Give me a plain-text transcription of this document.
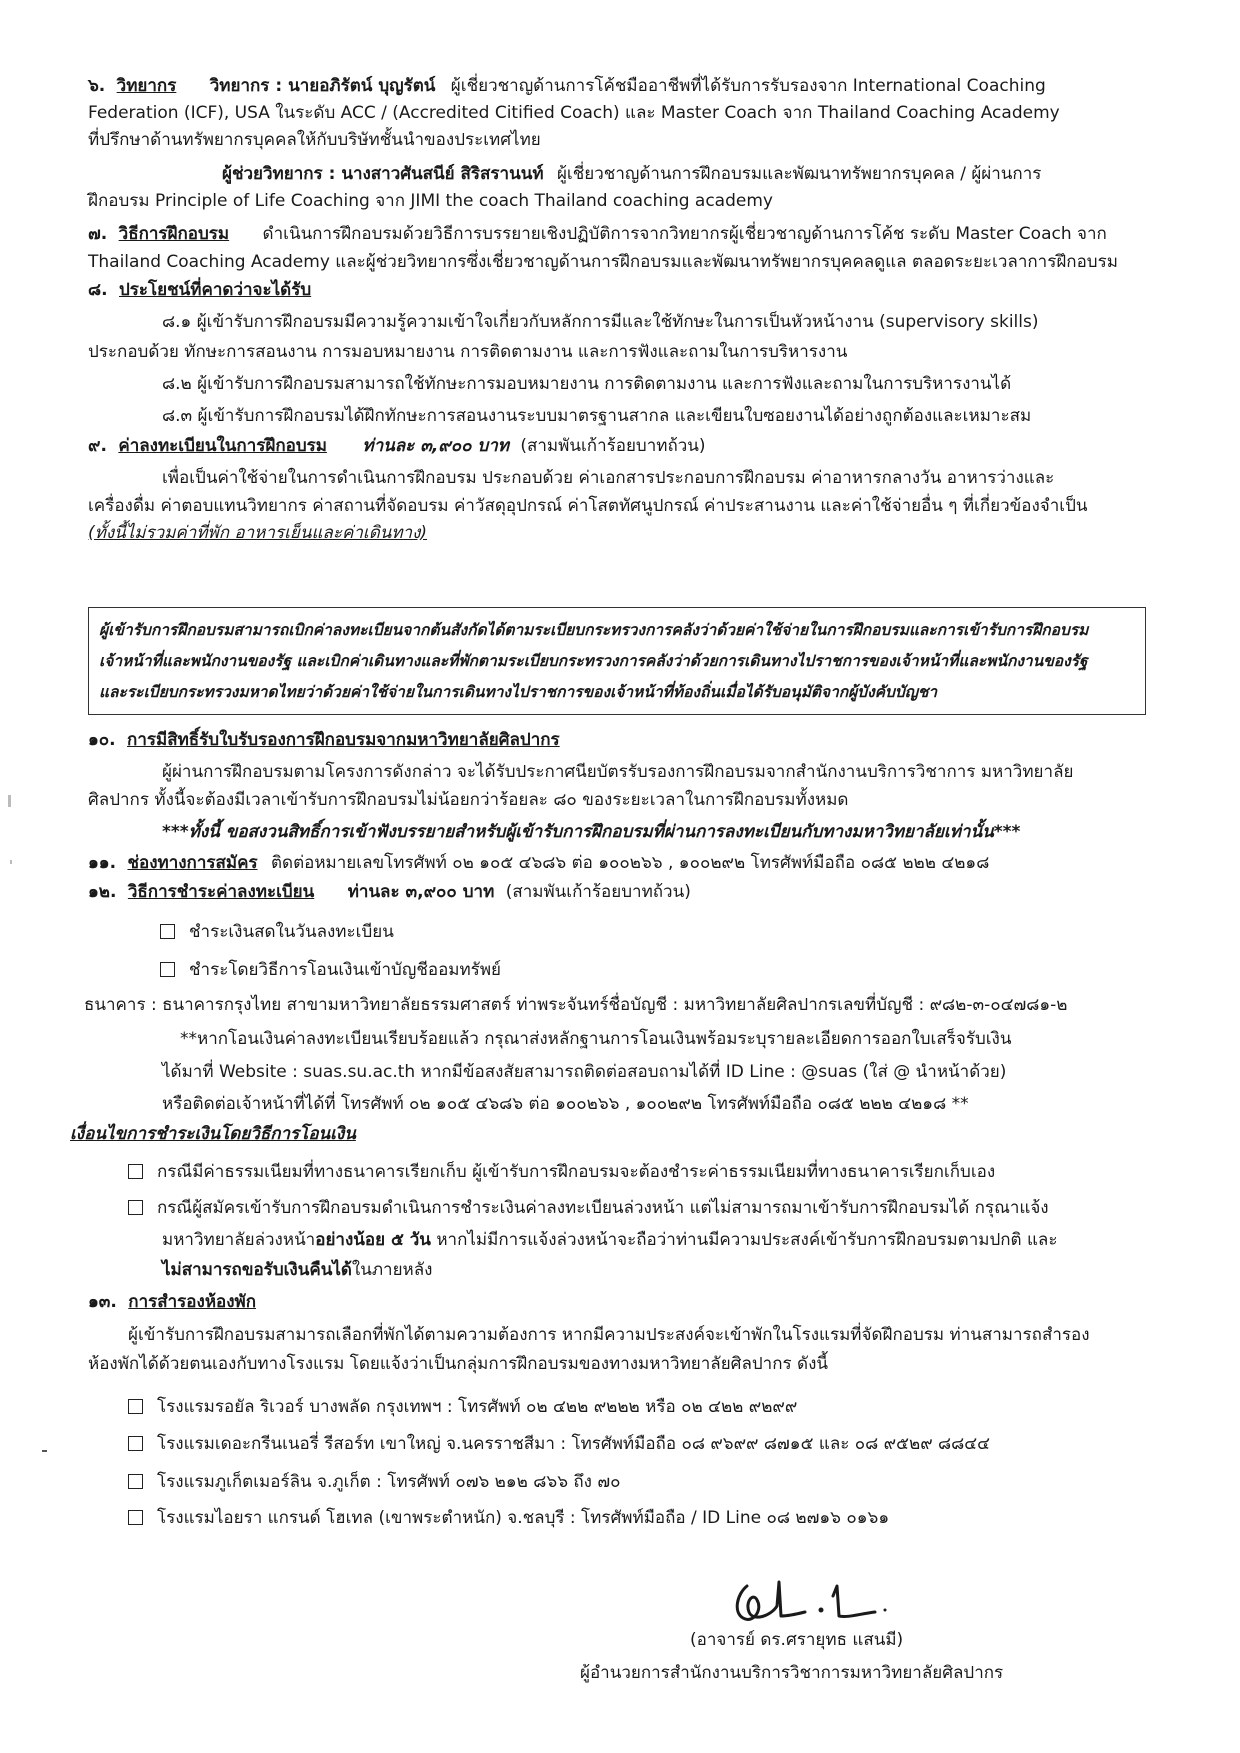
๖. วิทยากร วิทยากร : นายอภิรัตน์ บุญรัตน์ ผู้เชี่ยวชาญด้านการโค้ชมืออาชีพที่ได้รับการรับรองจาก International Coaching
Federation (ICF), USA ในระดับ ACC / (Accredited Citified Coach) และ Master Coach จาก Thailand Coaching Academy
ที่ปรึกษาด้านทรัพยากรบุคคลให้กับบริษัทชั้นนำของประเทศไทย
ผู้ช่วยวิทยากร : นางสาวศันสนีย์ สิริสรานนท์ ผู้เชี่ยวชาญด้านการฝึกอบรมและพัฒนาทรัพยากรบุคคล / ผู้ผ่านการ
ฝึกอบรม Principle of Life Coaching จาก JIMI the coach Thailand coaching academy
๗. วิธีการฝึกอบรม ดำเนินการฝึกอบรมด้วยวิธีการบรรยายเชิงปฏิบัติการจากวิทยากรผู้เชี่ยวชาญด้านการโค้ช ระดับ Master Coach จาก
Thailand Coaching Academy และผู้ช่วยวิทยากรซึ่งเชี่ยวชาญด้านการฝึกอบรมและพัฒนาทรัพยากรบุคคลดูแล ตลอดระยะเวลาการฝึกอบรม
๘. ประโยชน์ที่คาดว่าจะได้รับ
๘.๑ ผู้เข้ารับการฝึกอบรมมีความรู้ความเข้าใจเกี่ยวกับหลักการมีและใช้ทักษะในการเป็นหัวหน้างาน (supervisory skills)
ประกอบด้วย ทักษะการสอนงาน การมอบหมายงาน การติดตามงาน และการฟังและถามในการบริหารงาน
๘.๒ ผู้เข้ารับการฝึกอบรมสามารถใช้ทักษะการมอบหมายงาน การติดตามงาน และการฟังและถามในการบริหารงานได้
๘.๓ ผู้เข้ารับการฝึกอบรมได้ฝึกทักษะการสอนงานระบบมาตรฐานสากล และเขียนใบซอยงานได้อย่างถูกต้องและเหมาะสม
๙. ค่าลงทะเบียนในการฝึกอบรม ท่านละ ๓,๙๐๐ บาท (สามพันเก้าร้อยบาทถ้วน)
เพื่อเป็นค่าใช้จ่ายในการดำเนินการฝึกอบรม ประกอบด้วย ค่าเอกสารประกอบการฝึกอบรม ค่าอาหารกลางวัน อาหารว่างและ
เครื่องดื่ม ค่าตอบแทนวิทยากร ค่าสถานที่จัดอบรม ค่าวัสดุอุปกรณ์ ค่าโสตทัศนูปกรณ์ ค่าประสานงาน และค่าใช้จ่ายอื่น ๆ ที่เกี่ยวข้องจำเป็น
(ทั้งนี้ไม่รวมค่าที่พัก อาหารเย็นและค่าเดินทาง)
ผู้เข้ารับการฝึกอบรมสามารถเบิกค่าลงทะเบียนจากต้นสังกัดได้ตามระเบียบกระทรวงการคลังว่าด้วยค่าใช้จ่ายในการฝึกอบรมและการเข้ารับการฝึกอบรม
เจ้าหน้าที่และพนักงานของรัฐ และเบิกค่าเดินทางและที่พักตามระเบียบกระทรวงการคลังว่าด้วยการเดินทางไปราชการของเจ้าหน้าที่และพนักงานของรัฐ
และระเบียบกระทรวงมหาดไทยว่าด้วยค่าใช้จ่ายในการเดินทางไปราชการของเจ้าหน้าที่ท้องถิ่นเมื่อได้รับอนุมัติจากผู้บังคับบัญชา
๑๐. การมีสิทธิ์รับใบรับรองการฝึกอบรมจากมหาวิทยาลัยศิลปากร
ผู้ผ่านการฝึกอบรมตามโครงการดังกล่าว จะได้รับประกาศนียบัตรรับรองการฝึกอบรมจากสำนักงานบริการวิชาการ มหาวิทยาลัย
ศิลปากร ทั้งนี้จะต้องมีเวลาเข้ารับการฝึกอบรมไม่น้อยกว่าร้อยละ ๘๐ ของระยะเวลาในการฝึกอบรมทั้งหมด
***ทั้งนี้ ขอสงวนสิทธิ์การเข้าฟังบรรยายสำหรับผู้เข้ารับการฝึกอบรมที่ผ่านการลงทะเบียนกับทางมหาวิทยาลัยเท่านั้น***
๑๑. ช่องทางการสมัคร ติดต่อหมายเลขโทรศัพท์ ๐๒ ๑๐๕ ๔๖๘๖ ต่อ ๑๐๐๒๖๖ , ๑๐๐๒๙๒ โทรศัพท์มือถือ ๐๘๕ ๒๒๒ ๔๒๑๘
๑๒. วิธีการชำระค่าลงทะเบียน ท่านละ ๓,๙๐๐ บาท (สามพันเก้าร้อยบาทถ้วน)
ชำระเงินสดในวันลงทะเบียน
ชำระโดยวิธีการโอนเงินเข้าบัญชีออมทรัพย์
ธนาคาร : ธนาคารกรุงไทย สาขามหาวิทยาลัยธรรมศาสตร์ ท่าพระจันทร์ชื่อบัญชี : มหาวิทยาลัยศิลปากรเลขที่บัญชี : ๙๘๒-๓-๐๔๗๘๑-๒
**หากโอนเงินค่าลงทะเบียนเรียบร้อยแล้ว กรุณาส่งหลักฐานการโอนเงินพร้อมระบุรายละเอียดการออกใบเสร็จรับเงิน
ได้มาที่ Website : suas.su.ac.th หากมีข้อสงสัยสามารถติดต่อสอบถามได้ที่ ID Line : @suas (ใส่ @ นำหน้าด้วย)
หรือติดต่อเจ้าหน้าที่ได้ที่ โทรศัพท์ ๐๒ ๑๐๕ ๔๖๘๖ ต่อ ๑๐๐๒๖๖ , ๑๐๐๒๙๒ โทรศัพท์มือถือ ๐๘๕ ๒๒๒ ๔๒๑๘ **
เงื่อนไขการชำระเงินโดยวิธีการโอนเงิน
กรณีมีค่าธรรมเนียมที่ทางธนาคารเรียกเก็บ ผู้เข้ารับการฝึกอบรมจะต้องชำระค่าธรรมเนียมที่ทางธนาคารเรียกเก็บเอง
กรณีผู้สมัครเข้ารับการฝึกอบรมดำเนินการชำระเงินค่าลงทะเบียนล่วงหน้า แต่ไม่สามารถมาเข้ารับการฝึกอบรมได้ กรุณาแจ้ง
มหาวิทยาลัยล่วงหน้าอย่างน้อย ๕ วัน หากไม่มีการแจ้งล่วงหน้าจะถือว่าท่านมีความประสงค์เข้ารับการฝึกอบรมตามปกติ และ
ไม่สามารถขอรับเงินคืนได้ในภายหลัง
๑๓. การสำรองห้องพัก
ผู้เข้ารับการฝึกอบรมสามารถเลือกที่พักได้ตามความต้องการ หากมีความประสงค์จะเข้าพักในโรงแรมที่จัดฝึกอบรม ท่านสามารถสำรอง
ห้องพักได้ด้วยตนเองกับทางโรงแรม โดยแจ้งว่าเป็นกลุ่มการฝึกอบรมของทางมหาวิทยาลัยศิลปากร ดังนี้
โรงแรมรอยัล ริเวอร์ บางพลัด กรุงเทพฯ : โทรศัพท์ ๐๒ ๔๒๒ ๙๒๒๒ หรือ ๐๒ ๔๒๒ ๙๒๙๙
โรงแรมเดอะกรีนเนอรี่ รีสอร์ท เขาใหญ่ จ.นครราชสีมา : โทรศัพท์มือถือ ๐๘ ๙๖๙๙ ๘๗๑๕ และ ๐๘ ๙๕๒๙ ๘๘๔๔
โรงแรมภูเก็ตเมอร์ลิน จ.ภูเก็ต : โทรศัพท์ ๐๗๖ ๒๑๒ ๘๖๖ ถึง ๗๐
โรงแรมไอยรา แกรนด์ โฮเทล (เขาพระตำหนัก) จ.ชลบุรี : โทรศัพท์มือถือ / ID Line ๐๘ ๒๗๑๖ ๐๑๖๑
(อาจารย์ ดร.ศรายุทธ แสนมี)
ผู้อำนวยการสำนักงานบริการวิชาการมหาวิทยาลัยศิลปากร
